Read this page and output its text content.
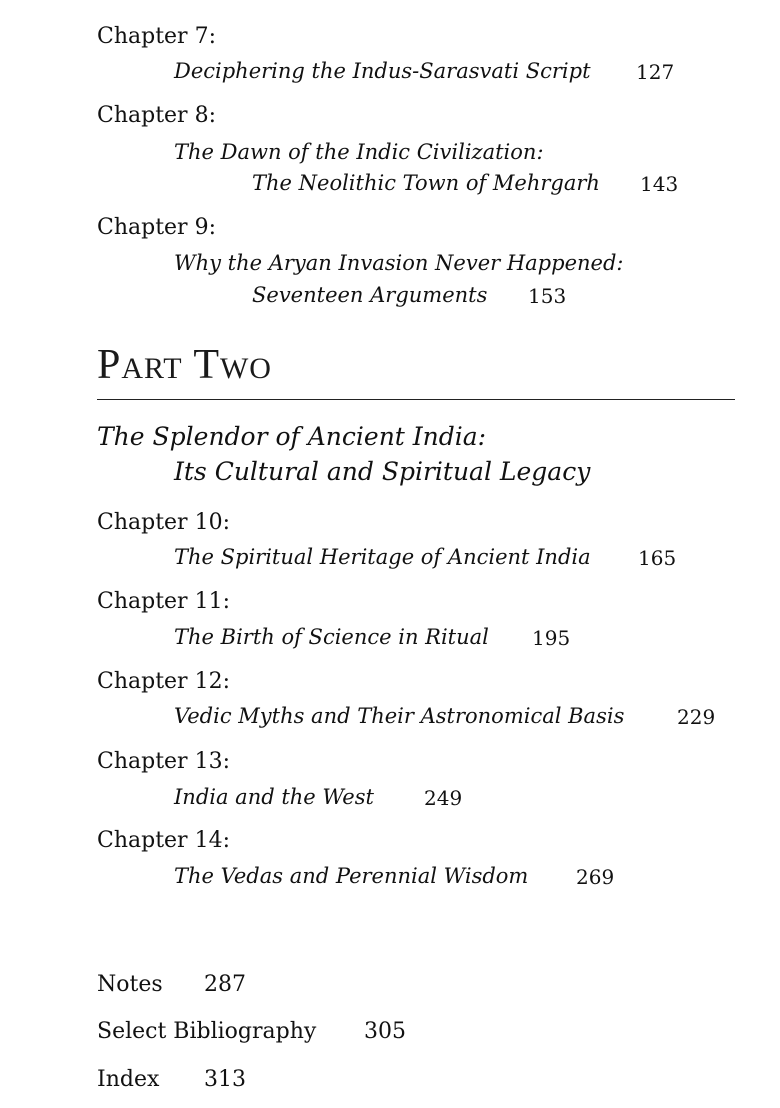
Chapter 7:
Deciphering the Indus-Sarasvati Script 127
Chapter 8:
The Dawn of the Indic Civilization:
The Neolithic Town of Mehrgarh 143
Chapter 9:
Why the Aryan Invasion Never Happened:
Seventeen Arguments 153
PART TWO
The Splendor of Ancient India:
Its Cultural and Spiritual Legacy
Chapter 10:
The Spiritual Heritage of Ancient India 165
Chapter 11:
The Birth of Science in Ritual 195
Chapter 12:
Vedic Myths and Their Astronomical Basis	229
Chapter 13:
India and the West	249
Chapter 14:
The Vedas and Perennial Wisdom 269
Notes 287
Select Bibliography 305
Index 313
